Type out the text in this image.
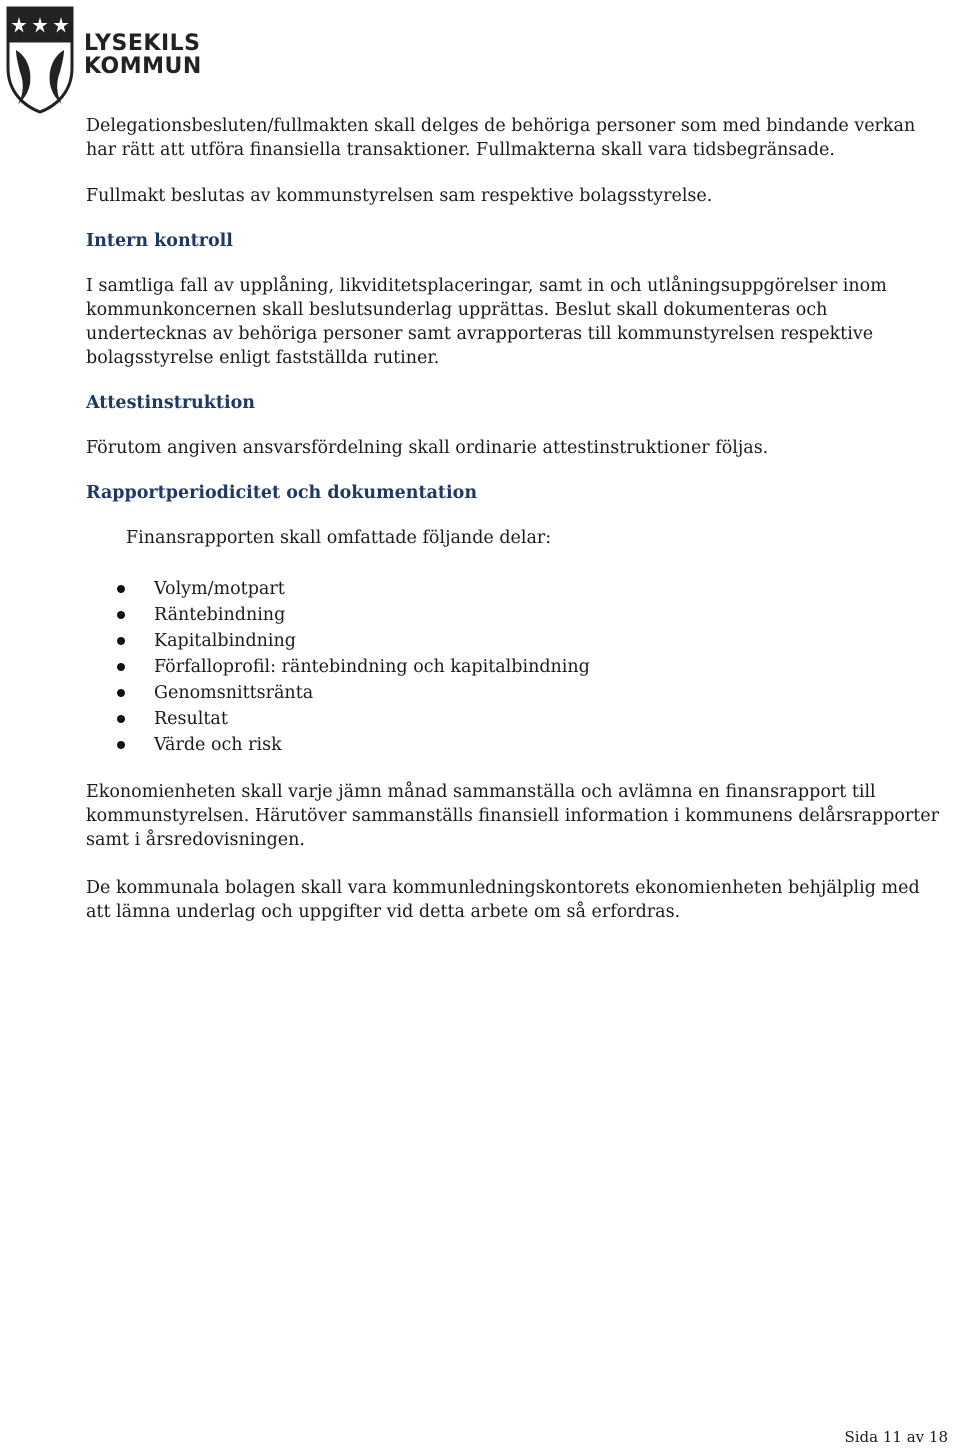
LYSEKILS
KOMMUN

Delegationsbesluten/fullmakten skall delges de behöriga personer som med bindande verkan har rätt att utföra finansiella transaktioner. Fullmakterna skall vara tidsbegränsade.

Fullmakt beslutas av kommunstyrelsen sam respektive bolagsstyrelse.

Intern kontroll

I samtliga fall av upplåning, likviditetsplaceringar, samt in och utlåningsuppgörelser inom kommunkoncernen skall beslutsunderlag upprättas. Beslut skall dokumenteras och undertecknas av behöriga personer samt avrapporteras till kommunstyrelsen respektive bolagsstyrelse enligt fastställda rutiner.

Attestinstruktion

Förutom angiven ansvarsfördelning skall ordinarie attestinstruktioner följas.

Rapportperiodicitet och dokumentation

Finansrapporten skall omfattade följande delar:

Volym/motpart
Räntebindning
Kapitalbindning
Förfalloprofil: räntebindning och kapitalbindning
Genomsnittsränta
Resultat
Värde och risk

Ekonomienheten skall varje jämn månad sammanställa och avlämna en finansrapport till kommunstyrelsen. Härutöver sammanställs finansiell information i kommunens delårsrapporter samt i årsredovisningen.

De kommunala bolagen skall vara kommunledningskontorets ekonomienheten behjälplig med att lämna underlag och uppgifter vid detta arbete om så erfordras.

Sida 11 av 18
